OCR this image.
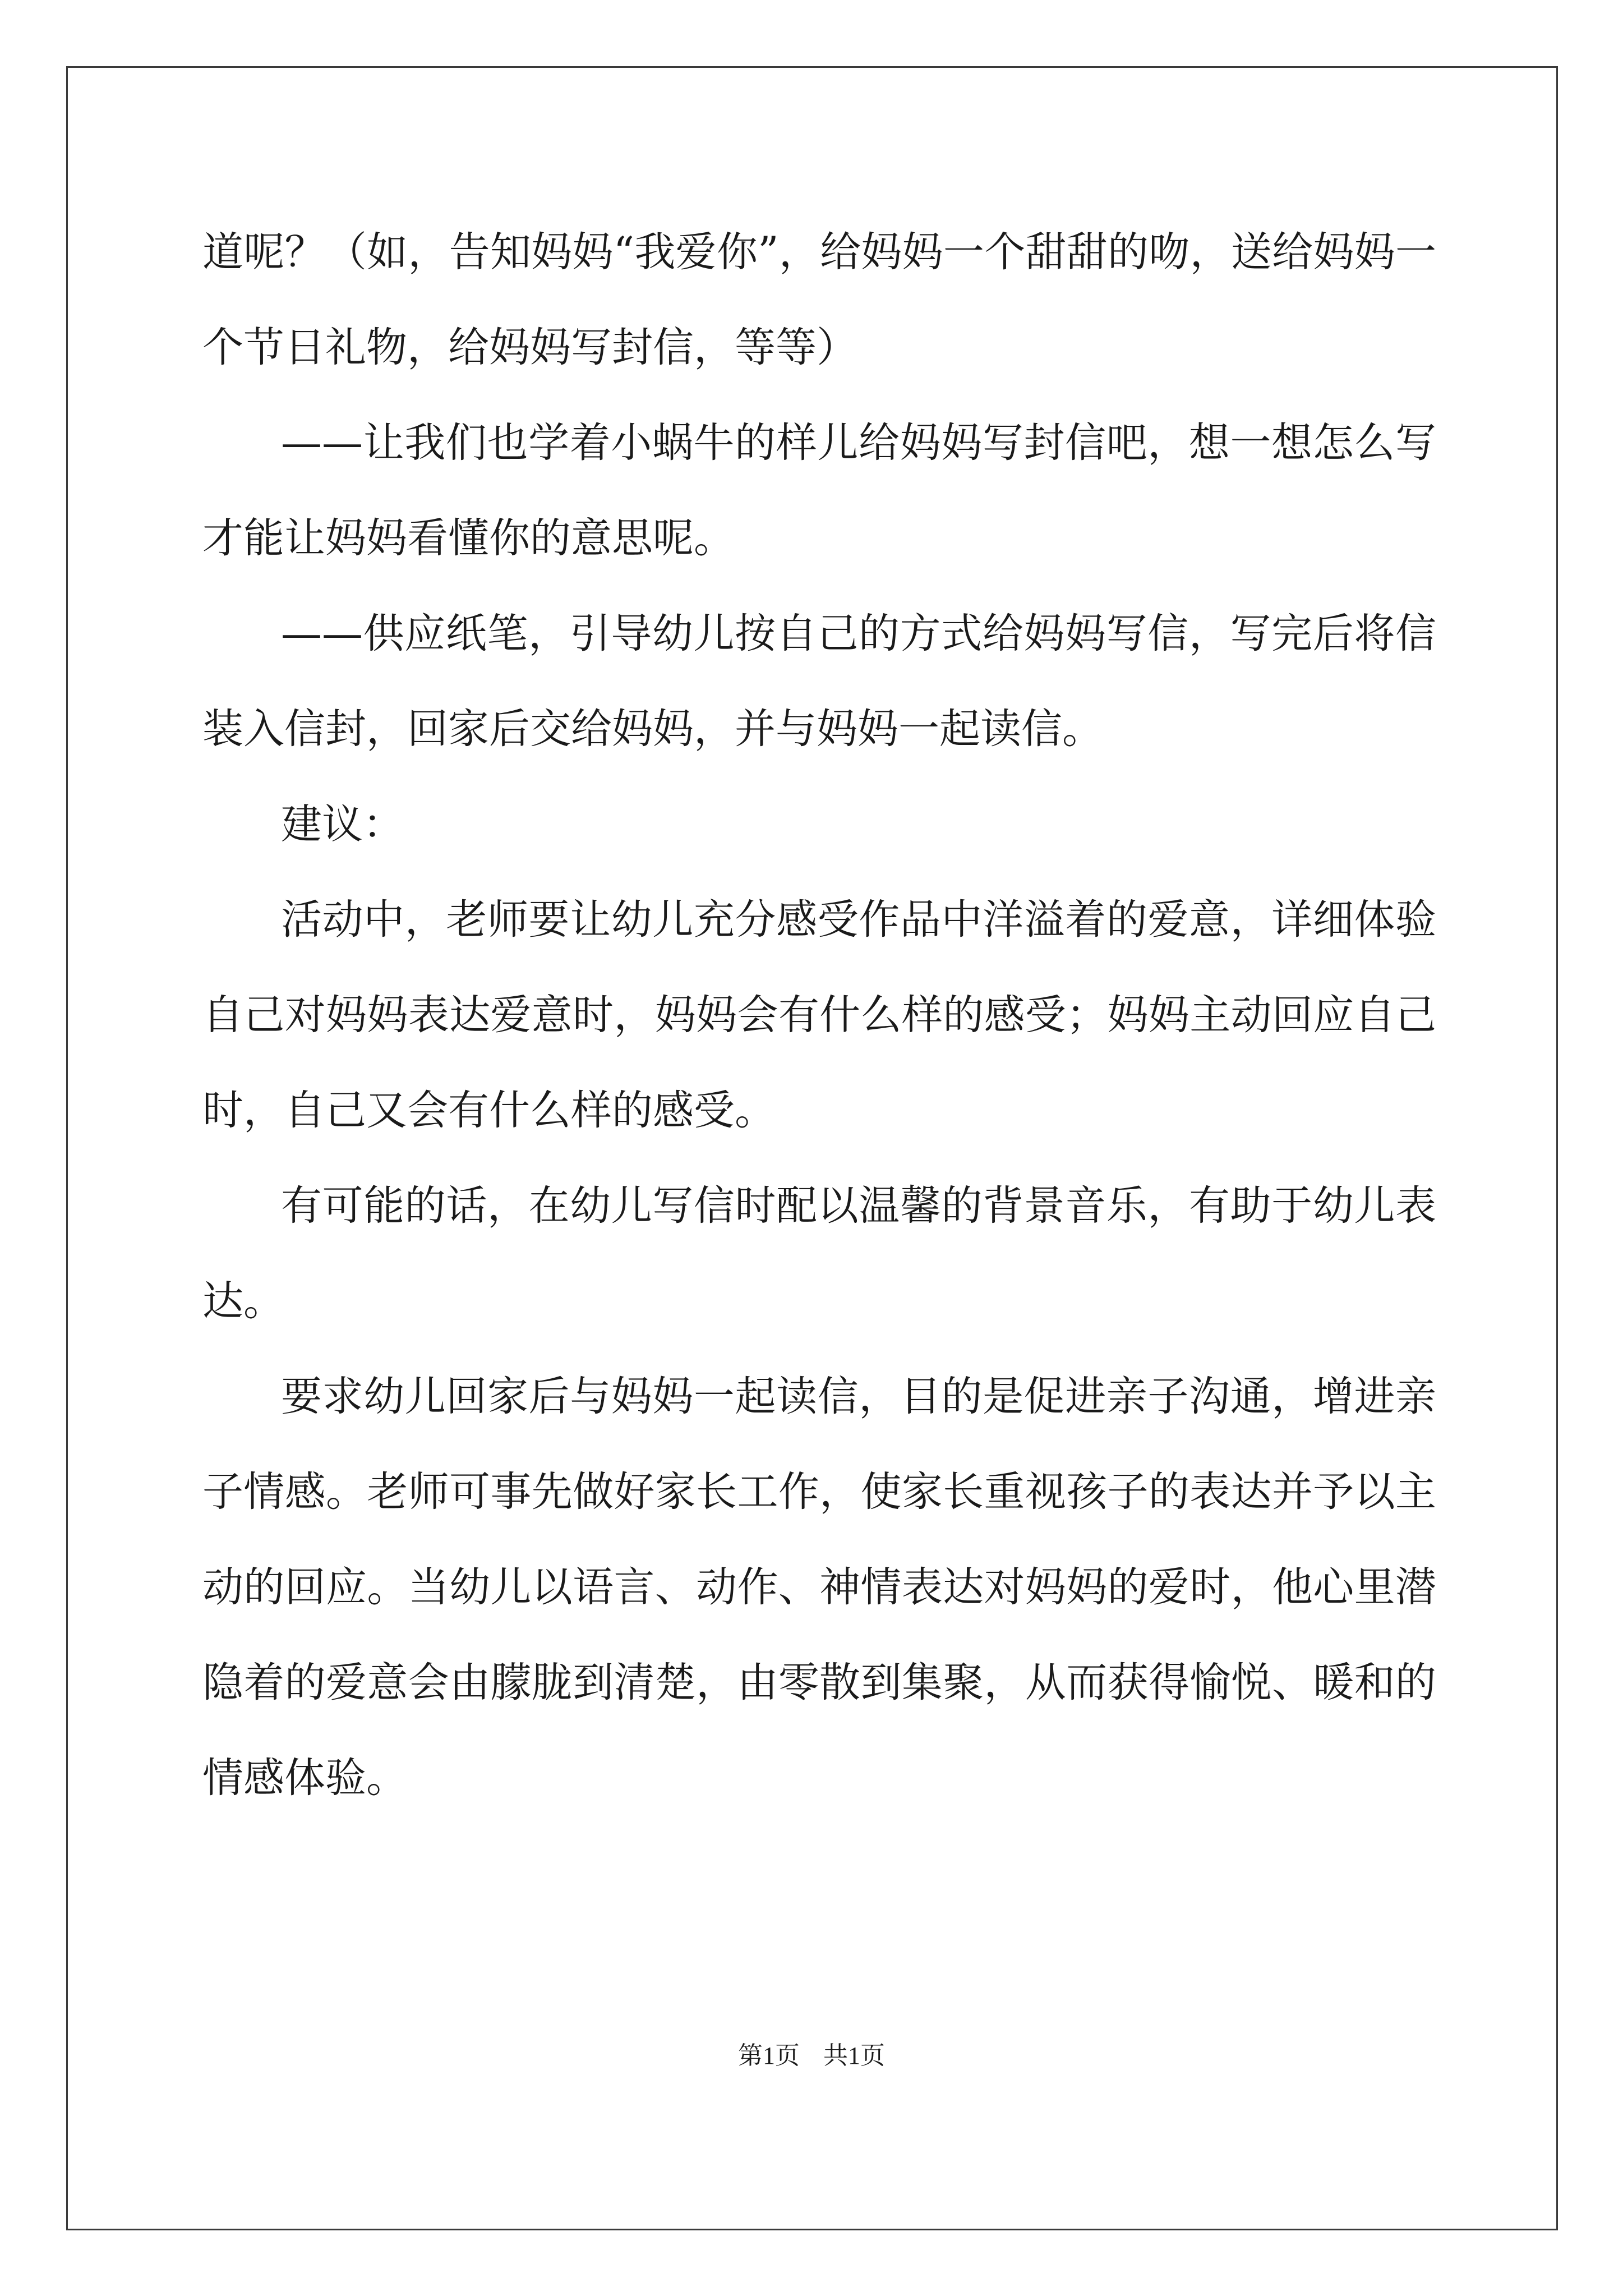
道呢？（如，告知妈妈“我爱你”，给妈妈一个甜甜的吻，送给妈妈一
个节日礼物，给妈妈写封信，等等）
——让我们也学着小蜗牛的样儿给妈妈写封信吧，想一想怎么写
才能让妈妈看懂你的意思呢。
——供应纸笔，引导幼儿按自己的方式给妈妈写信，写完后将信
装入信封，回家后交给妈妈，并与妈妈一起读信。
建议：
活动中，老师要让幼儿充分感受作品中洋溢着的爱意，详细体验
自己对妈妈表达爱意时，妈妈会有什么样的感受；妈妈主动回应自己
时，自己又会有什么样的感受。
有可能的话，在幼儿写信时配以温馨的背景音乐，有助于幼儿表
达。
要求幼儿回家后与妈妈一起读信，目的是促进亲子沟通，增进亲
子情感。老师可事先做好家长工作，使家长重视孩子的表达并予以主
动的回应。当幼儿以语言、动作、神情表达对妈妈的爱时，他心里潜
隐着的爱意会由朦胧到清楚，由零散到集聚，从而获得愉悦、暖和的
情感体验。
第1页 共1页
